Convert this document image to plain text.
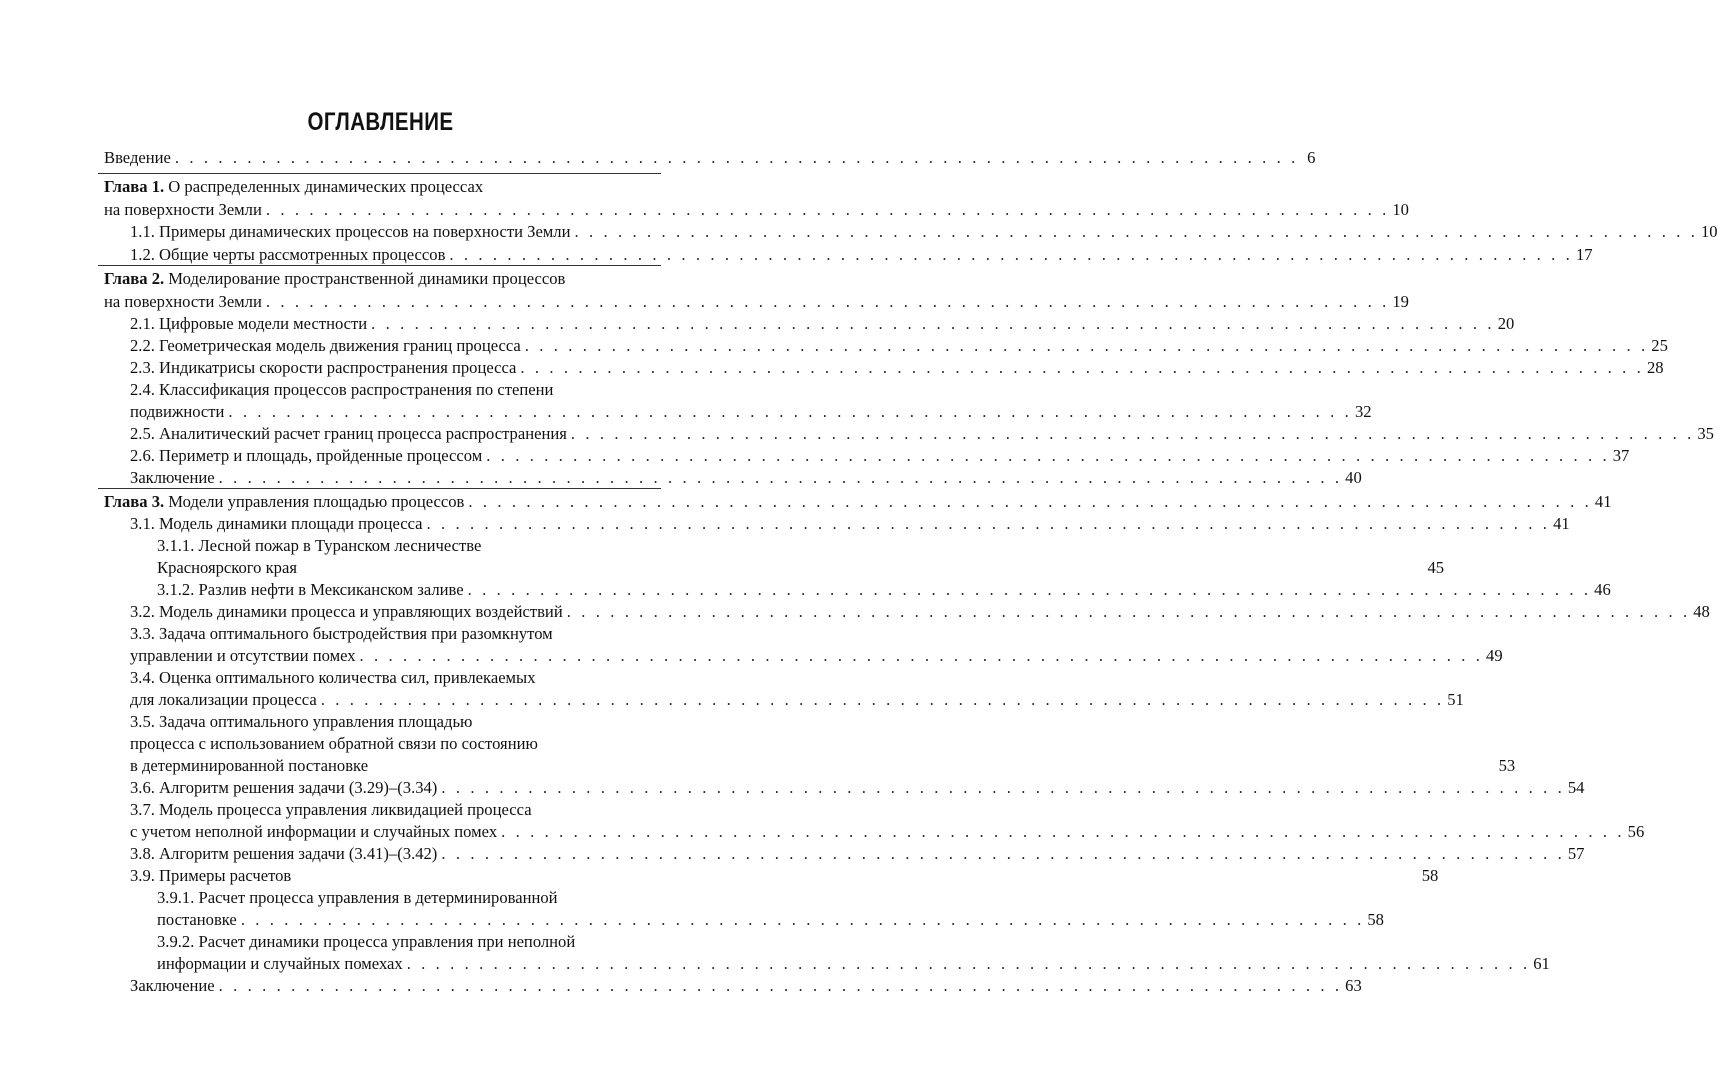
ОГЛАВЛЕНИЕ
Введение . . . . . . . . . . . . . . . . . . . . . . . . . . . . . . . . . . . . . . . . . . . . . . . . . . . . . . . . . . . . . . . . . . . . . . . . . . . . . . 6
Глава 1. О распределенных динамических процессах
на поверхности Земли . . . . . . . . . . . . . . . . . . . . . . . . . . . . . . . . . . . . . . . . . . . . . . . . . . . . . . . . . . . . . . . . . . . . . . . . . . . . . . 10
1.1. Примеры динамических процессов на поверхности Земли . . . . . . . . . . . . . . . . . . . . . . . . . . . . . . . . . . . . . . . . . . . . . . . . . . . . . . . . . . . . . . . . . . . . . . . . . . . . . . 10
1.2. Общие черты рассмотренных процессов . . . . . . . . . . . . . . . . . . . . . . . . . . . . . . . . . . . . . . . . . . . . . . . . . . . . . . . . . . . . . . . . . . . . . . . . . . . . . . 17
Глава 2. Моделирование пространственной динамики процессов
на поверхности Земли . . . . . . . . . . . . . . . . . . . . . . . . . . . . . . . . . . . . . . . . . . . . . . . . . . . . . . . . . . . . . . . . . . . . . . . . . . . . . . 19
2.1. Цифровые модели местности . . . . . . . . . . . . . . . . . . . . . . . . . . . . . . . . . . . . . . . . . . . . . . . . . . . . . . . . . . . . . . . . . . . . . . . . . . . . . . 20
2.2. Геометрическая модель движения границ процесса . . . . . . . . . . . . . . . . . . . . . . . . . . . . . . . . . . . . . . . . . . . . . . . . . . . . . . . . . . . . . . . . . . . . . . . . . . . . . . 25
2.3. Индикатрисы скорости распространения процесса . . . . . . . . . . . . . . . . . . . . . . . . . . . . . . . . . . . . . . . . . . . . . . . . . . . . . . . . . . . . . . . . . . . . . . . . . . . . . . 28
2.4. Классификация процессов распространения по степени
подвижности . . . . . . . . . . . . . . . . . . . . . . . . . . . . . . . . . . . . . . . . . . . . . . . . . . . . . . . . . . . . . . . . . . . . . . . . . . . . . . 32
2.5. Аналитический расчет границ процесса распространения . . . . . . . . . . . . . . . . . . . . . . . . . . . . . . . . . . . . . . . . . . . . . . . . . . . . . . . . . . . . . . . . . . . . . . . . . . . . . . 35
2.6. Периметр и площадь, пройденные процессом . . . . . . . . . . . . . . . . . . . . . . . . . . . . . . . . . . . . . . . . . . . . . . . . . . . . . . . . . . . . . . . . . . . . . . . . . . . . . . 37
Заключение . . . . . . . . . . . . . . . . . . . . . . . . . . . . . . . . . . . . . . . . . . . . . . . . . . . . . . . . . . . . . . . . . . . . . . . . . . . . . . 40
Глава 3. Модели управления площадью процессов . . . . . . . . . . . . . . . . . . . . . . . . . . . . . . . . . . . . . . . . . . . . . . . . . . . . . . . . . . . . . . . . . . . . . . . . . . . . . . 41
3.1. Модель динамики площади процесса . . . . . . . . . . . . . . . . . . . . . . . . . . . . . . . . . . . . . . . . . . . . . . . . . . . . . . . . . . . . . . . . . . . . . . . . . . . . . . 41
3.1.1. Лесной пожар в Туранском лесничестве
Красноярского края	45
3.1.2. Разлив нефти в Мексиканском заливе . . . . . . . . . . . . . . . . . . . . . . . . . . . . . . . . . . . . . . . . . . . . . . . . . . . . . . . . . . . . . . . . . . . . . . . . . . . . . . 46
3.2. Модель динамики процесса и управляющих воздействий . . . . . . . . . . . . . . . . . . . . . . . . . . . . . . . . . . . . . . . . . . . . . . . . . . . . . . . . . . . . . . . . . . . . . . . . . . . . . . 48
3.3. Задача оптимального быстродействия при разомкнутом
управлении и отсутствии помех . . . . . . . . . . . . . . . . . . . . . . . . . . . . . . . . . . . . . . . . . . . . . . . . . . . . . . . . . . . . . . . . . . . . . . . . . . . . . . 49
3.4. Оценка оптимального количества сил, привлекаемых
для локализации процесса . . . . . . . . . . . . . . . . . . . . . . . . . . . . . . . . . . . . . . . . . . . . . . . . . . . . . . . . . . . . . . . . . . . . . . . . . . . . . . 51
3.5. Задача оптимального управления площадью
процесса с использованием обратной связи по состоянию
в детерминированной постановке	53
3.6. Алгоритм решения задачи (3.29)–(3.34) . . . . . . . . . . . . . . . . . . . . . . . . . . . . . . . . . . . . . . . . . . . . . . . . . . . . . . . . . . . . . . . . . . . . . . . . . . . . . . 54
3.7. Модель процесса управления ликвидацией процесса
с учетом неполной информации и случайных помех . . . . . . . . . . . . . . . . . . . . . . . . . . . . . . . . . . . . . . . . . . . . . . . . . . . . . . . . . . . . . . . . . . . . . . . . . . . . . . 56
3.8. Алгоритм решения задачи (3.41)–(3.42) . . . . . . . . . . . . . . . . . . . . . . . . . . . . . . . . . . . . . . . . . . . . . . . . . . . . . . . . . . . . . . . . . . . . . . . . . . . . . . 57
3.9. Примеры расчетов	58
3.9.1. Расчет процесса управления в детерминированной
постановке . . . . . . . . . . . . . . . . . . . . . . . . . . . . . . . . . . . . . . . . . . . . . . . . . . . . . . . . . . . . . . . . . . . . . . . . . . . . . . 58
3.9.2. Расчет динамики процесса управления при неполной
информации и случайных помехах . . . . . . . . . . . . . . . . . . . . . . . . . . . . . . . . . . . . . . . . . . . . . . . . . . . . . . . . . . . . . . . . . . . . . . . . . . . . . . 61
Заключение . . . . . . . . . . . . . . . . . . . . . . . . . . . . . . . . . . . . . . . . . . . . . . . . . . . . . . . . . . . . . . . . . . . . . . . . . . . . . . 63
